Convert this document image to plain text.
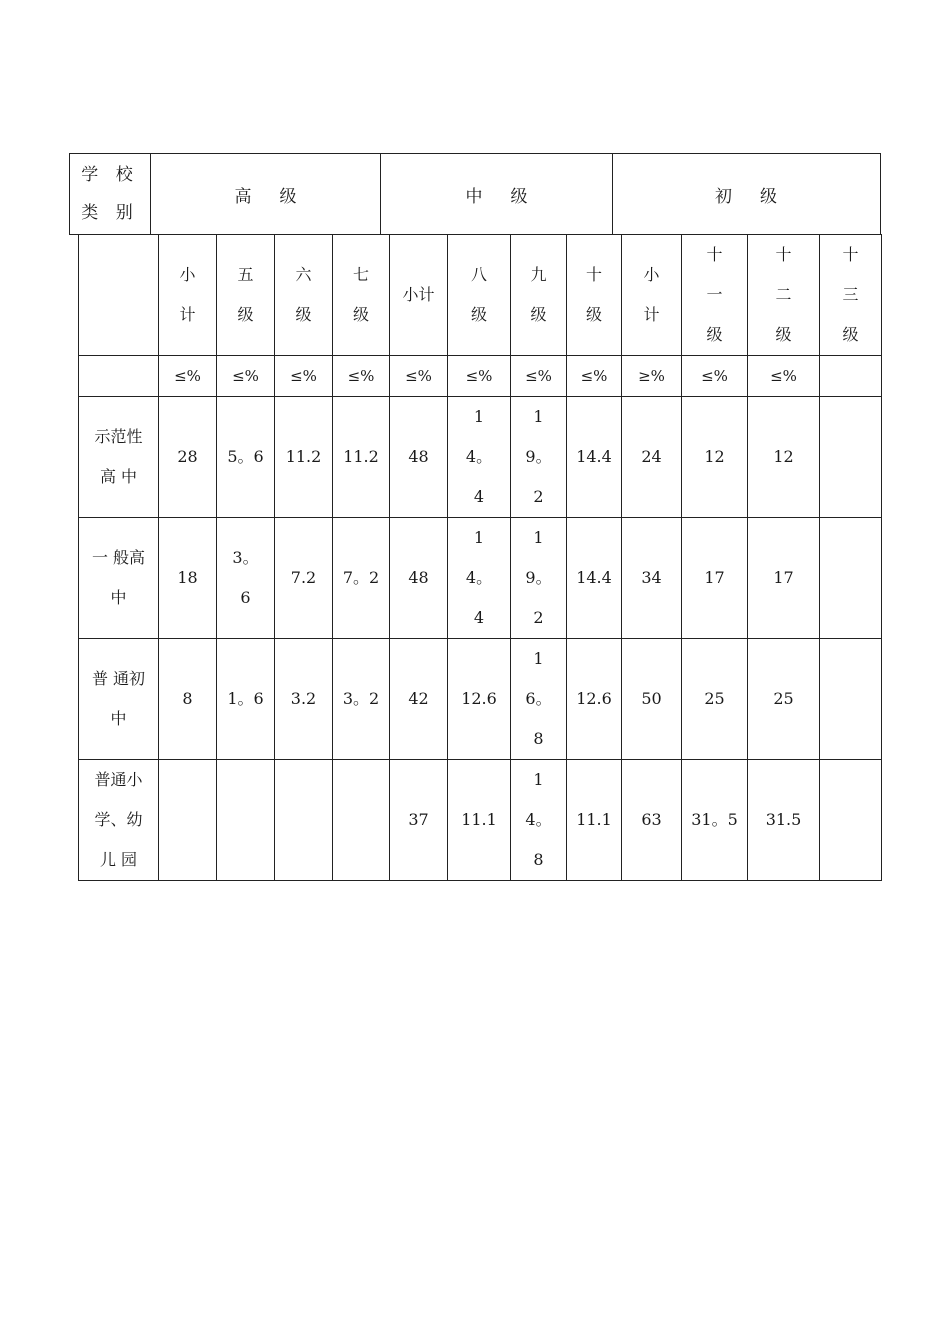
学 校
类 别
高级	中级	初级
	小计	五级	六级	七级	小计	八级	九级	十级	小计	十一级	十二级	十三级
	≤%	≤%	≤%	≤%	≤%	≤%	≤%	≤%	≥%	≤%	≤%	
示范性高 中	28	5。6	11.2	11.2	48	14。4	19。2	14.4	24	12	12	
一 般高 中	18	3。6	7.2	7。2	48	14。4	19。2	14.4	34	17	17	
普 通初 中	8	1。6	3.2	3。2	42	12.6	16。8	12.6	50	25	25	
普通小学、幼 儿 园					37	11.1	14。8	11.1	63	31。5	31.5	
